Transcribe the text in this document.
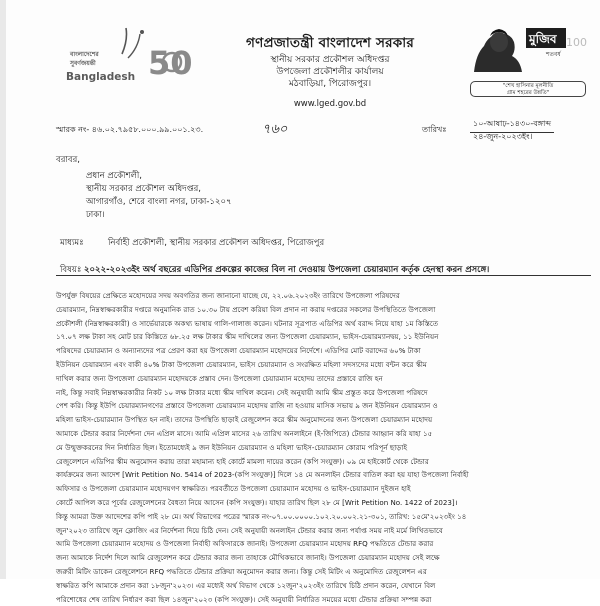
বাংলাদেশের
সুবর্ণজয়ন্তী
Bangladesh 50
মুজিব
শতবর্ষ
100
"শেখ হাসিনার মূলনীতি
গ্রাম শহরের উন্নতি"
গণপ্রজাতন্ত্রী বাংলাদেশ সরকার
স্থানীয় সরকার প্রকৌশল অধিদপ্তর
উপজেলা প্রকৌশলীর কার্যালয়
মঠবাড়িয়া, পিরোজপুর।
www.lged.gov.bd
স্মারক নং- ৪৬.০২.৭৯৫৮.০০০.৯৯.০০১.২৩.	৭৬০	তারিখঃ
১০-আষাঢ়-১৪৩০-বঙ্গাব্দ
২৪-জুন-২০২৩ইং।
বরাবর,
প্রধান প্রকৌশলী,
স্থানীয় সরকার প্রকৌশল অধিদপ্তর,
আগারগাঁও, শেরে বাংলা নগর, ঢাকা-১২০৭
ঢাকা।
মাধ্যমঃ	নির্বাহী প্রকৌশলী, স্থানীয় সরকার প্রকৌশল অধিদপ্তর, পিরোজপুর
বিষয়ঃ ২০২২-২০২৩ইং অর্থ বছরের এডিপির প্রকল্পের কাজের বিল না দেওয়ায় উপজেলা চেয়ারম্যান কর্তৃক হেনস্থা করন প্রসঙ্গে।

উপর্যুক্ত বিষয়ের প্রেক্ষিতে মহোদয়ের সদয় অবগতির জন্য জানানো যাচ্ছে যে, ২২.০৬.২০২৩ইং তারিখে উপজেলা পরিষদের

চেয়ারম্যান, নিম্নস্বাক্ষরকারীর দপ্তরে অনুমানিক রাত ১০.৩০ টায় প্রবেশ করিয়া বিল প্রদান না করায় দপ্তরের সকলের উপস্থিতিতে উপজেলা

প্রকৌশলী (নিম্নস্বাক্ষরকারী) ও সার্ভেয়ারকে অকথ্য ভাষায় গালি-গালাজ করেন। ঘটনার সূত্রপাত এডিপির অর্থ বরাদ্দ নিয়ে যাহা ১ম কিস্তিতে

১৭.০৭ লক্ষ টাকা সহ মোট চার কিস্তিতে ৬৮.২৫ লক্ষ টাকার স্কীম দাখিলের জন্য উপজেলা চেয়ারম্যান, ভাইস-চেয়ারম্যানদ্বয়, ১১ ইউনিয়ন

পরিষদের চেয়ারম্যান ও অন্যান্যদের পত্র প্রেরণ করা হয় উপজেলা চেয়ারম্যান মহোদয়ের নির্দেশে। এডিপির মোট বরাদ্দের ৬০% টাকা

ইউনিয়ন চেয়ারম্যান এবং বাকী ৪০% টাকা উপজেলা চেয়ারম্যান, ভাইস চেয়ারম্যান ও সংরক্ষিত মহিলা সদস্যদের মধ্যে বন্টন করে স্কীম

দাখিল করার জন্য উপজেলা চেয়ারম্যান মহোদয়কে প্রস্তাব দেন। উপজেলা চেয়ারম্যান মহোদয় তাদের প্রস্তাবে রাজি হন

নাই, কিন্তু সবাই নিম্নস্বাক্ষরকারীর নিকট ১০ লক্ষ টাকার মধ্যে স্কীম দাখিল করেন। সেই অনুযায়ী আমি স্কীম প্রস্তুত করে উপজেলা পরিষদে

পেশ করি। কিন্তু ইউপি চেয়ারম্যানগণের প্রস্তাবে উপজেলা চেয়ারম্যান মহোদয় রাজি না হওয়ায় মাসিক সভায় ৯ জন ইউনিয়ন চেয়ারম্যান ও

মহিলা ভাইস-চেয়ারম্যান উপস্থিত হন নাই। তাদের উপস্থিতি ছাড়াই রেজুলেশন করে স্কীম অনুমোদনের জন্য উপজেলা চেয়ারম্যান মহোদয়

আমাকে টেন্ডার করার নির্দেশনা দেন এপ্রিল মাসে। আমি এপ্রিল মাসের ২৬ তারিখ অনলাইনে (ই-জিপিতে) টেন্ডার আহ্বান করি যাহা ১৫

মে উন্মুক্তকরনের দিন নির্ধারিত ছিল। ইতোমধ্যেই ৯ জন ইউনিয়ন চেয়ারম্যান ও মহিলা ভাইস-চেয়ারম্যান কোরাম পরিপূর্ন ছাড়াই

রেজুলেশনে এডিপির স্কীম অনুমোদন করায় তারা মহামান্য হাই কোর্টে মামলা দায়ের করেন (কপি সংযুক্ত)। ০৯ মে হাইকোর্ট থেকে টেন্ডার

কার্যক্রমের জন্য আদেশ [Writ Petition No. 5414 of 2023-(কপি সংযুক্ত)] দিলে ১৪ মে অনলাইন টেন্ডার বাতিল করা হয় যাহা উপজেলা নির্বাহী

অফিসার ও উপজেলা চেয়ারম্যান মহোদয়গণ স্বাক্ষরিত। পরবর্তীতে উপজেলা চেয়ারম্যান মহোদয় ও ভাইস-চেয়ারম্যান দুইজন হাই

কোর্টে আপিল করে পূর্বের রেজুলেশনের বৈধতা নিয়ে আসেন (কপি সংযুক্ত)। যাহার তারিখ ছিল ২৮ মে [Writ Petition No. 1422 of 2023]।

কিন্তু আমরা উক্ত আদেশের কপি পাই ২৮ মে। অর্থ বিভাগের পত্রের স্মারক নং-০৭.০০.০০০০.১০২.২০.০০২.২১-৩০১, তারিখ: ১৫মে'২০২৩ইং ১৪

জুন'২০২৩ তারিখে জুন ক্লোজিং এর নির্দেশনা দিয়ে চিঠি দেন। সেই অনুযায়ী অনলাইন টেন্ডার করার জন্য পর্যাপ্ত সময় নাই মর্মে লিখিতভাবে

আমি উপজেলা চেয়ারম্যান মহোদয় ও উপজেলা নির্বাহী অফিসারকে জানাই। উপজেলা চেয়ারম্যান মহোদয় RFQ পদ্ধতিতে টেন্ডার করার

জন্য আমাকে নির্দেশ দিলে আমি রেজুলেশন করে টেন্ডার করার জন্য তাহাকে মৌখিকভাবে জানাই। উপজেলা চেয়ারম্যান মহোদয় সেই লক্ষে

জরুরী মিটিং ডাকেন রেজুলেশনে RFQ পদ্ধতিতে টেন্ডার প্রক্রিয়া অনুমোদন করার জন্য। কিন্তু সেই মিটিং এ অনুমোদিত রেজুলেশন এর

স্বাক্ষরিত কপি আমাকে প্রদান করা ১৮জুন'২০২৩। এর মধ্যেই অর্থ বিভাগ থেকে ১২জুন'২০২৩ইং তারিখে চিঠি প্রদান করেন, যেখানে বিল

পরিশোধের শেষ তারিখ নির্ধারণ করা ছিল ১৪জুন'২০২৩ (কপি সংযুক্ত)। সেই অনুযায়ী নির্ধারিত সময়ের মধ্যে টেন্ডার প্রক্রিয়া সম্পন্ন করা
